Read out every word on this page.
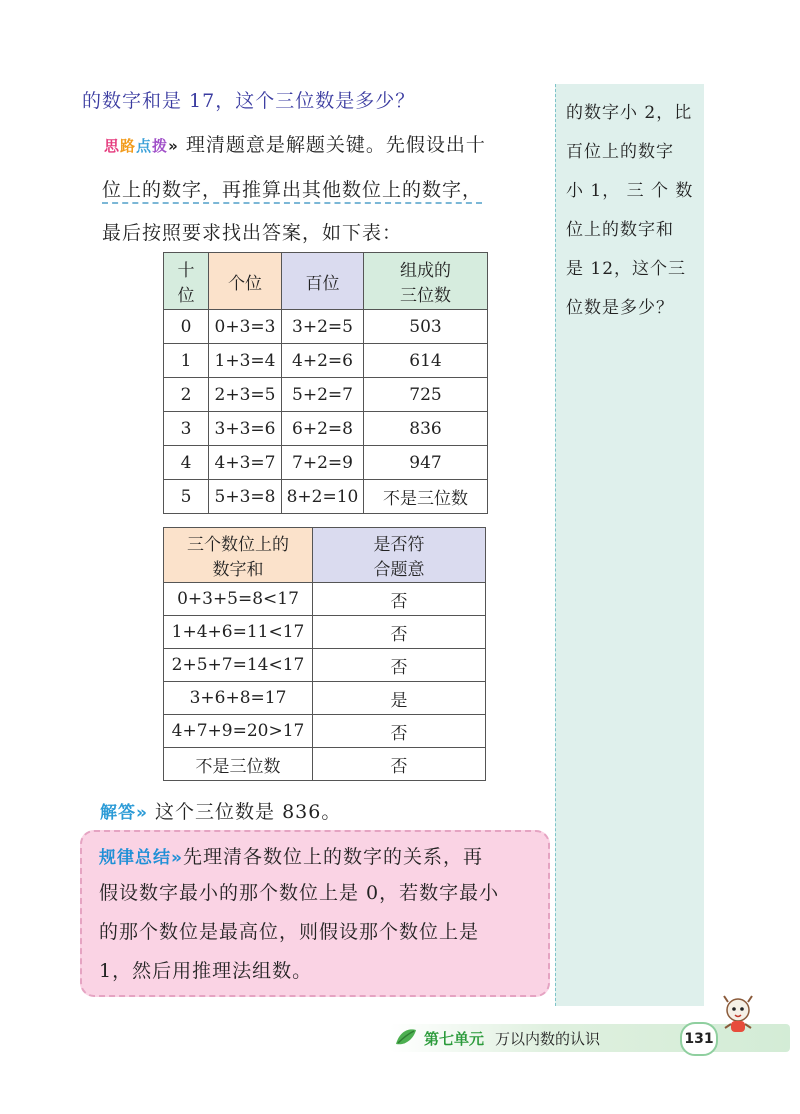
的数字小 2，比
百位上的数字
小 1， 三 个 数
位上的数字和
是 12，这个三
位数是多少？
的数字和是 17，这个三位数是多少？
思路点拨» 理清题意是解题关键。先假设出十
位上的数字，再推算出其他数位上的数字，
最后按照要求找出答案，如下表：
十
位	个位	百位	组成的
三位数
0	0+3=3	3+2=5	503
1	1+3=4	4+2=6	614
2	2+3=5	5+2=7	725
3	3+3=6	6+2=8	836
4	4+3=7	7+2=9	947
5	5+3=8	8+2=10	不是三位数
三个数位上的
数字和	是否符
合题意
0+3+5=8<17	否
1+4+6=11<17	否
2+5+7=14<17	否
3+6+8=17	是
4+7+9=20>17	否
不是三位数	否
解答» 这个三位数是 836。
规律总结»先理清各数位上的数字的关系，再
假设数字最小的那个数位上是 0，若数字最小
的那个数位是最高位，则假设那个数位上是
1，然后用推理法组数。
第七单元 万以内数的认识	131
